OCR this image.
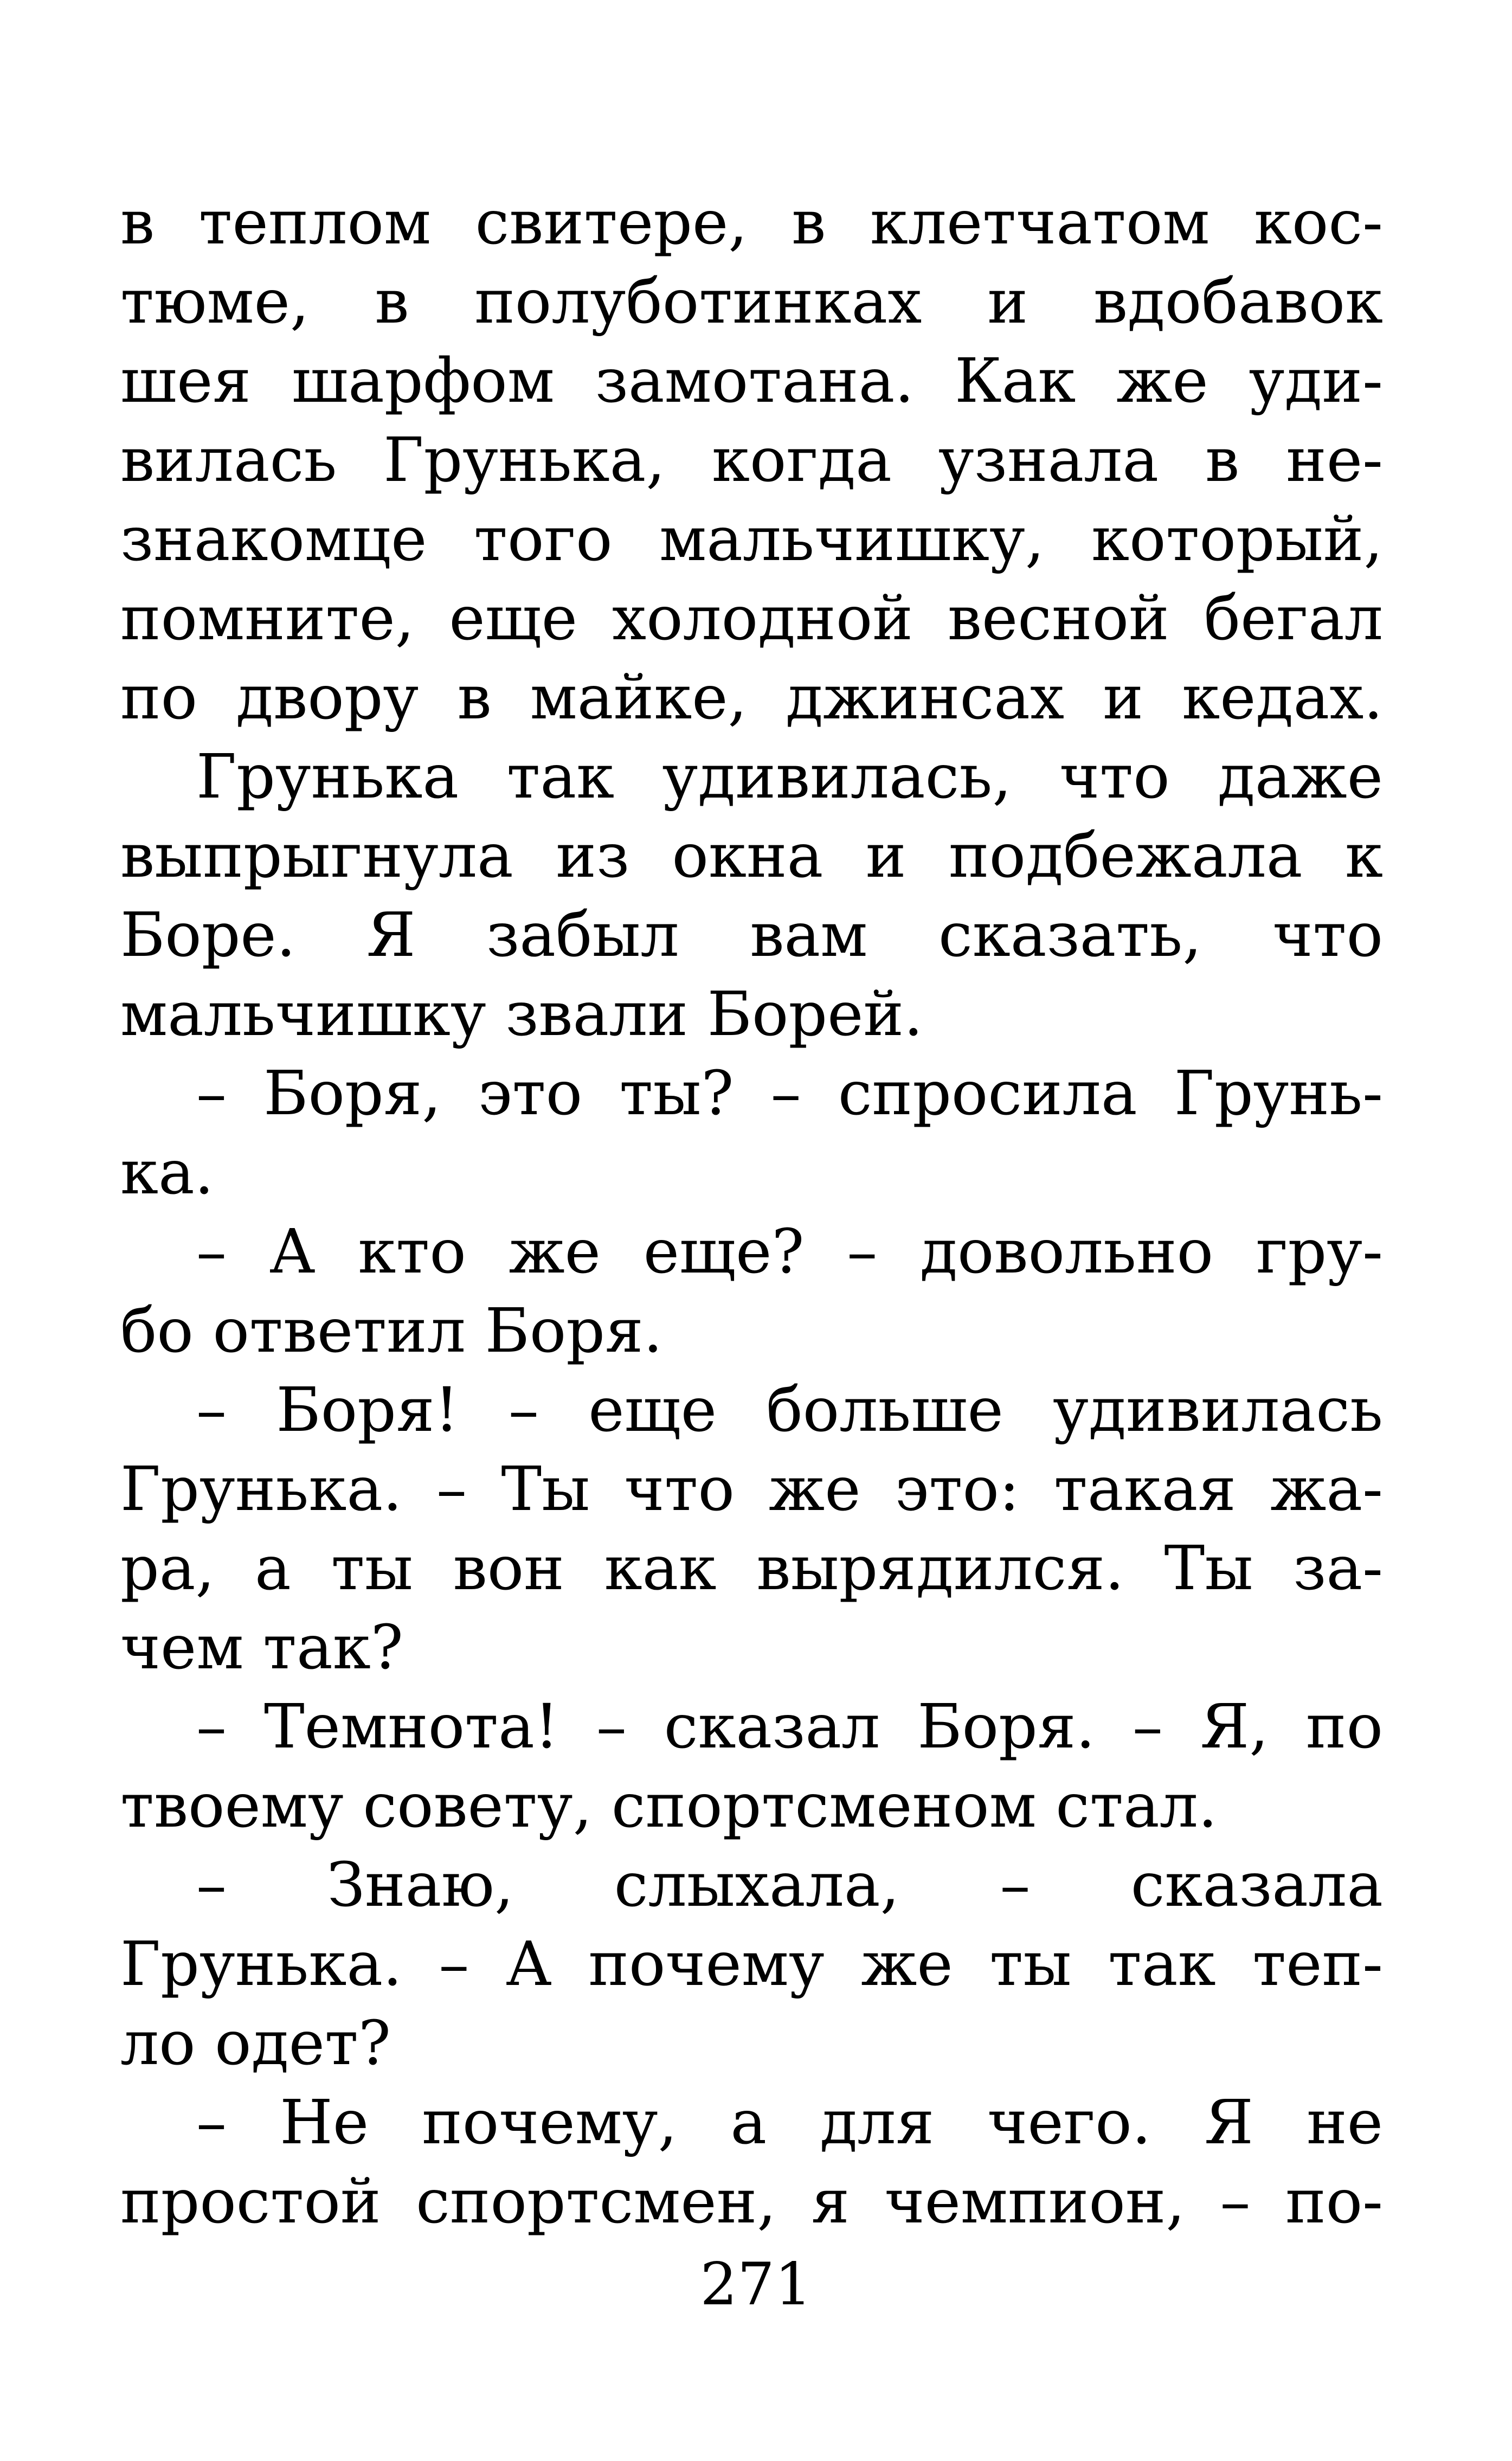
в теплом свитере, в клетчатом кос-
тюме, в полуботинках и вдобавок
шея шарфом замотана. Как же уди-
вилась Грунька, когда узнала в не-
знакомце того мальчишку, который,
помните, еще холодной весной бегал
по двору в майке, джинсах и кедах.
Грунька так удивилась, что даже
выпрыгнула из окна и подбежала к
Боре. Я забыл вам сказать, что
мальчишку звали Борей.
– Боря, это ты? – спросила Грунь-
ка.
– А кто же еще? – довольно гру-
бо ответил Боря.
– Боря! – еще больше удивилась
Грунька. – Ты что же это: такая жа-
ра, а ты вон как вырядился. Ты за-
чем так?
– Темнота! – сказал Боря. – Я, по
твоему совету, спортсменом стал.
– Знаю, слыхала, – сказала
Грунька. – А почему же ты так теп-
ло одет?
– Не почему, а для чего. Я не
простой спортсмен, я чемпион, – по-
271
